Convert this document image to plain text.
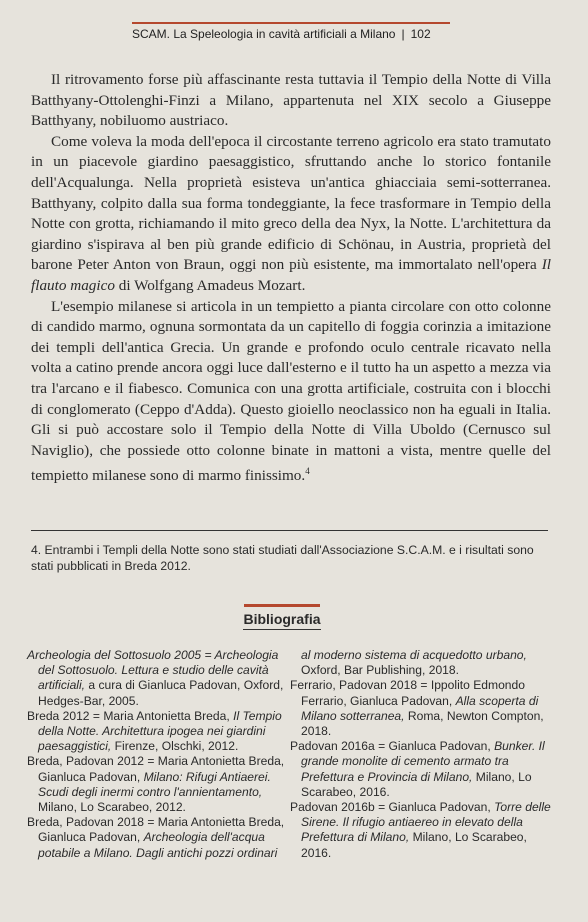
SCAM. La Speleologia in cavità artificiali a Milano | 102

Il ritrovamento forse più affascinante resta tuttavia il Tempio della Notte di Villa Batthyany-Ottolenghi-Finzi a Milano, appartenuta nel XIX secolo a Giuseppe Batthyany, nobiluomo austriaco.

Come voleva la moda dell'epoca il circostante terreno agricolo era stato tramutato in un piacevole giardino paesaggistico, sfruttando anche lo storico fontanile dell'Acqualunga. Nella proprietà esisteva un'antica ghiacciaia semi-sotterranea. Batthyany, colpito dalla sua forma tondeggiante, la fece trasformare in Tempio della Notte con grotta, richiamando il mito greco della dea Nyx, la Notte. L'architettura da giardino s'ispirava al ben più grande edificio di Schönau, in Austria, proprietà del barone Peter Anton von Braun, oggi non più esistente, ma immortalato nell'opera Il flauto magico di Wolfgang Amadeus Mozart.

L'esempio milanese si articola in un tempietto a pianta circolare con otto colonne di candido marmo, ognuna sormontata da un capitello di foggia corinzia a imitazione dei templi dell'antica Grecia. Un grande e profondo oculo centrale ricavato nella volta a catino prende ancora oggi luce dall'esterno e il tutto ha un aspetto a mezza via tra l'arcano e il fiabesco. Comunica con una grotta artificiale, costruita con i blocchi di conglomerato (Ceppo d'Adda). Questo gioiello neoclassico non ha eguali in Italia. Gli si può accostare solo il Tempio della Notte di Villa Uboldo (Cernusco sul Naviglio), che possiede otto colonne binate in mattoni a vista, mentre quelle del tempietto milanese sono di marmo finissimo.$^4$

4. Entrambi i Templi della Notte sono stati studiati dall'Associazione S.C.A.M. e i risultati sono stati pubblicati in Breda 2012.
Bibliografia
Archeologia del Sottosuolo 2005 = Archeologia del Sottosuolo. Lettura e studio delle cavità artificiali, a cura di Gianluca Padovan, Oxford, Hedges-Bar, 2005.
Breda 2012 = Maria Antonietta Breda, Il Tempio della Notte. Architettura ipogea nei giardini paesaggistici, Firenze, Olschki, 2012.
Breda, Padovan 2012 = Maria Antonietta Breda, Gianluca Padovan, Milano: Rifugi Antiaerei. Scudi degli inermi contro l'annientamento, Milano, Lo Scarabeo, 2012.
Breda, Padovan 2018 = Maria Antonietta Breda, Gianluca Padovan, Archeologia dell'acqua potabile a Milano. Dagli antichi pozzi ordinari
al moderno sistema di acquedotto urbano, Oxford, Bar Publishing, 2018.
Ferrario, Padovan 2018 = Ippolito Edmondo Ferrario, Gianluca Padovan, Alla scoperta di Milano sotterranea, Roma, Newton Compton, 2018.
Padovan 2016a = Gianluca Padovan, Bunker. Il grande monolite di cemento armato tra Prefettura e Provincia di Milano, Milano, Lo Scarabeo, 2016.
Padovan 2016b = Gianluca Padovan, Torre delle Sirene. Il rifugio antiaereo in elevato della Prefettura di Milano, Milano, Lo Scarabeo, 2016.
